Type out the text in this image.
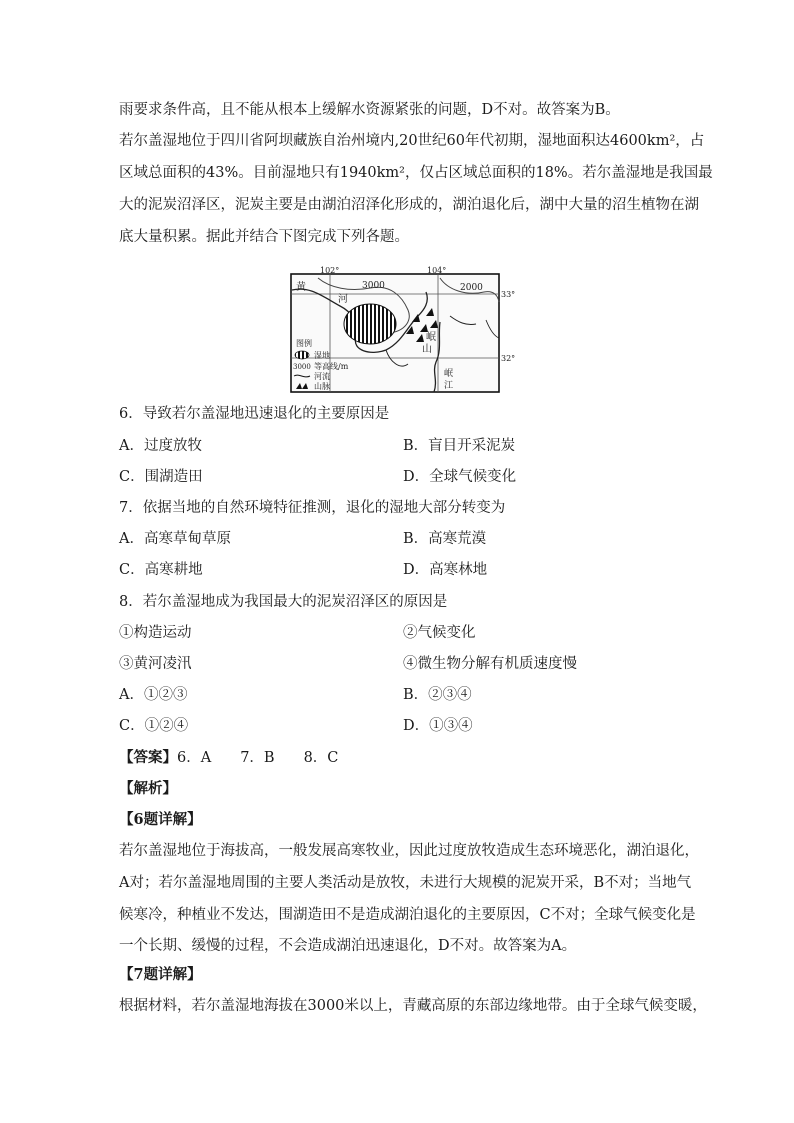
雨要求条件高，且不能从根本上缓解水资源紧张的问题，D不对。故答案为B。
若尔盖湿地位于四川省阿坝藏族自治州境内,20世纪60年代初期，湿地面积达4600km²，占
区域总面积的43%。目前湿地只有1940km²，仅占区域总面积的18%。若尔盖湿地是我国最
大的泥炭沼泽区，泥炭主要是由湖泊沼泽化形成的，湖泊退化后，湖中大量的沼生植物在湖
底大量积累。据此并结合下图完成下列各题。
102°	104°
33°
32°
3000	2000
黄
河
岷
山
岷
江
图例
湿地
3000 等高线/m
河流
山脉
6．导致若尔盖湿地迅速退化的主要原因是
A．过度放牧	B．盲目开采泥炭
C．围湖造田	D．全球气候变化
7．依据当地的自然环境特征推测，退化的湿地大部分转变为
A．高寒草甸草原	B．高寒荒漠
C．高寒耕地	D．高寒林地
8．若尔盖湿地成为我国最大的泥炭沼泽区的原因是
①构造运动	②气候变化
③黄河凌汛	④微生物分解有机质速度慢
A．①②③	B．②③④
C．①②④	D．①③④
【答案】6．A　　7．B　　8．C
【解析】
【6题详解】
若尔盖湿地位于海拔高，一般发展高寒牧业，因此过度放牧造成生态环境恶化，湖泊退化，
A对；若尔盖湿地周围的主要人类活动是放牧，未进行大规模的泥炭开采，B不对；当地气
候寒冷，种植业不发达，围湖造田不是造成湖泊退化的主要原因，C不对；全球气候变化是
一个长期、缓慢的过程，不会造成湖泊迅速退化，D不对。故答案为A。
【7题详解】
根据材料，若尔盖湿地海拔在3000米以上，青藏高原的东部边缘地带。由于全球气候变暖，
